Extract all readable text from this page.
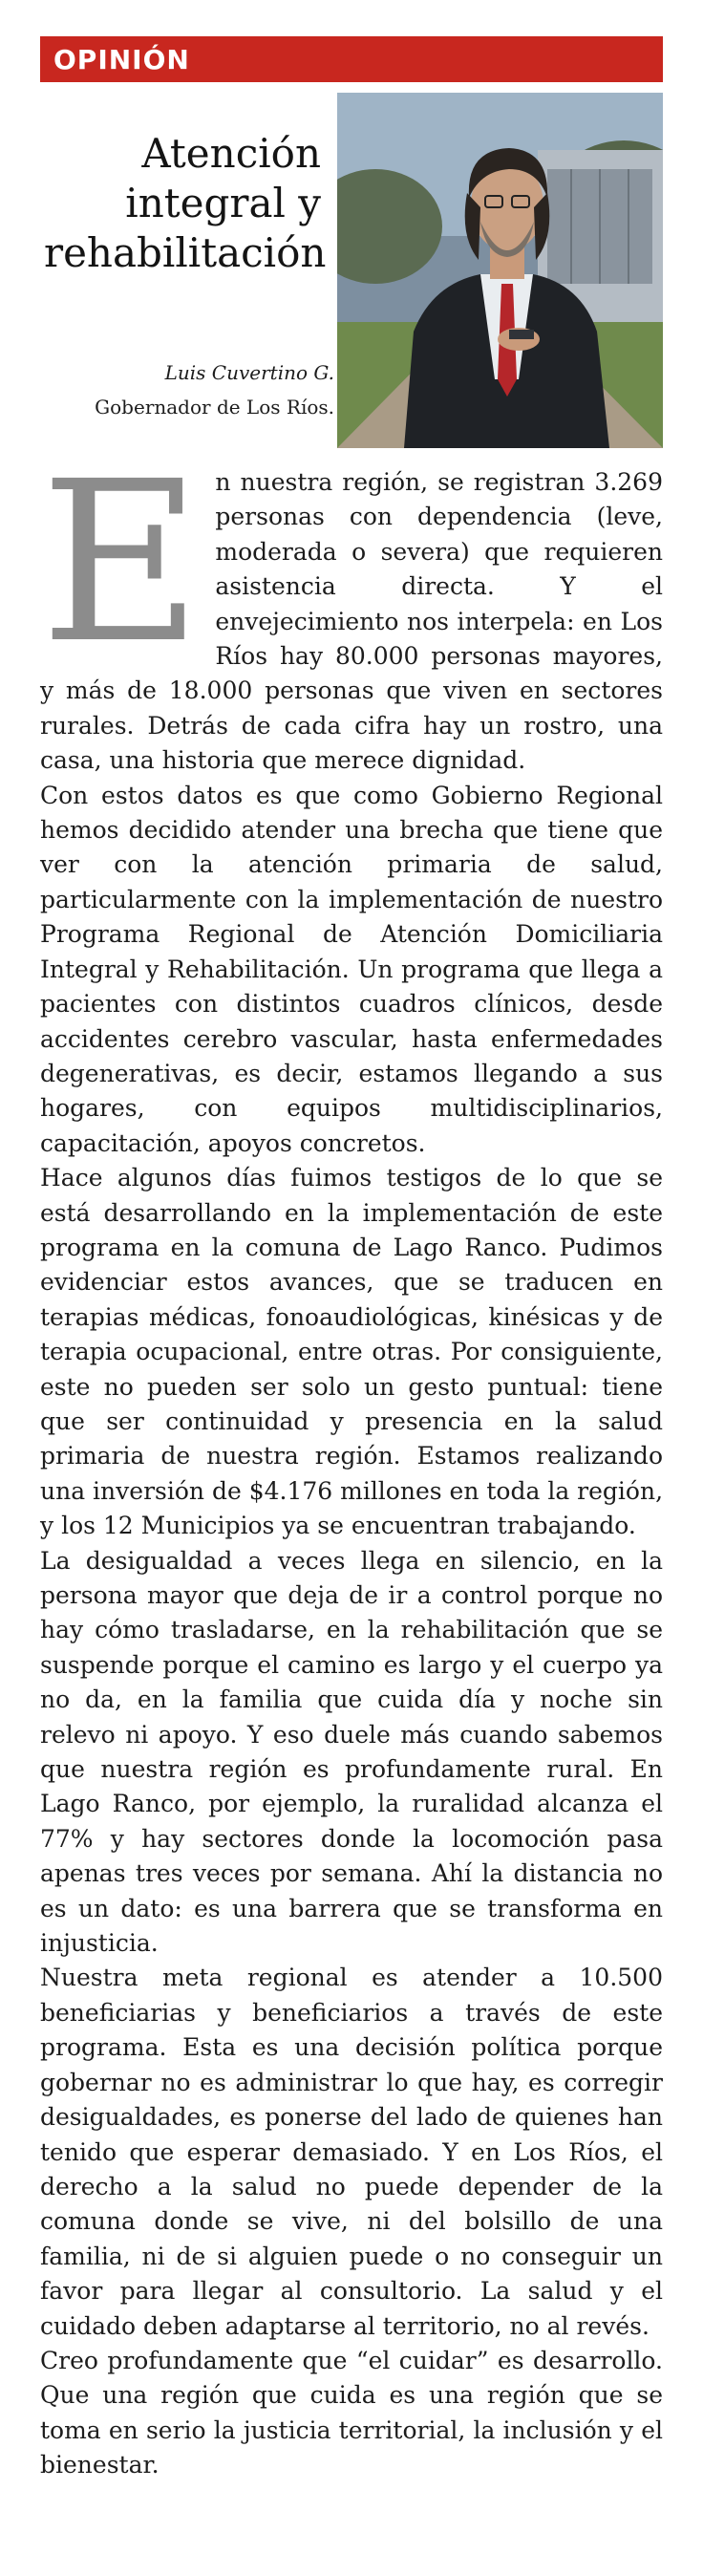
OPINIÓN
Atención
integral y
rehabilitación
Luis Cuvertino G.
Gobernador de Los Ríos.
E n nuestra región, se registran 3.269 personas con dependencia (leve, moderada o severa) que requieren asistencia directa. Y el envejecimiento nos interpela: en Los Ríos hay 80.000 personas mayores, y más de 18.000 personas que viven en sectores rurales. Detrás de cada cifra hay un rostro, una casa, una historia que merece dignidad.

Con estos datos es que como Gobierno Regional hemos decidido atender una brecha que tiene que ver con la atención primaria de salud, particularmente con la implementación de nuestro Programa Regional de Atención Domiciliaria Integral y Rehabilitación. Un programa que llega a pacientes con distintos cuadros clínicos, desde accidentes cerebro vascular, hasta enfermedades degenerativas, es decir, estamos llegando a sus hogares, con equipos multidisciplinarios, capacitación, apoyos concretos.

Hace algunos días fuimos testigos de lo que se está desarrollando en la implementación de este programa en la comuna de Lago Ranco. Pudimos evidenciar estos avances, que se traducen en terapias médicas, fonoaudiológicas, kinésicas y de terapia ocupacional, entre otras. Por consiguiente, este no pueden ser solo un gesto puntual: tiene que ser continuidad y presencia en la salud primaria de nuestra región. Estamos realizando una inversión de $4.176 millones en toda la región, y los 12 Municipios ya se encuentran trabajando.

La desigualdad a veces llega en silencio, en la persona mayor que deja de ir a control porque no hay cómo trasladarse, en la rehabilitación que se suspende porque el camino es largo y el cuerpo ya no da, en la familia que cuida día y noche sin relevo ni apoyo. Y eso duele más cuando sabemos que nuestra región es profundamente rural. En Lago Ranco, por ejemplo, la ruralidad alcanza el 77% y hay sectores donde la locomoción pasa apenas tres veces por semana. Ahí la distancia no es un dato: es una barrera que se transforma en injusticia.

Nuestra meta regional es atender a 10.500 beneficiarias y beneficiarios a través de este programa. Esta es una decisión política porque gobernar no es administrar lo que hay, es corregir desigualdades, es ponerse del lado de quienes han tenido que esperar demasiado. Y en Los Ríos, el derecho a la salud no puede depender de la comuna donde se vive, ni del bolsillo de una familia, ni de si alguien puede o no conseguir un favor para llegar al consultorio. La salud y el cuidado deben adaptarse al territorio, no al revés.

Creo profundamente que “el cuidar” es desarrollo. Que una región que cuida es una región que se toma en serio la justicia territorial, la inclusión y el bienestar.
